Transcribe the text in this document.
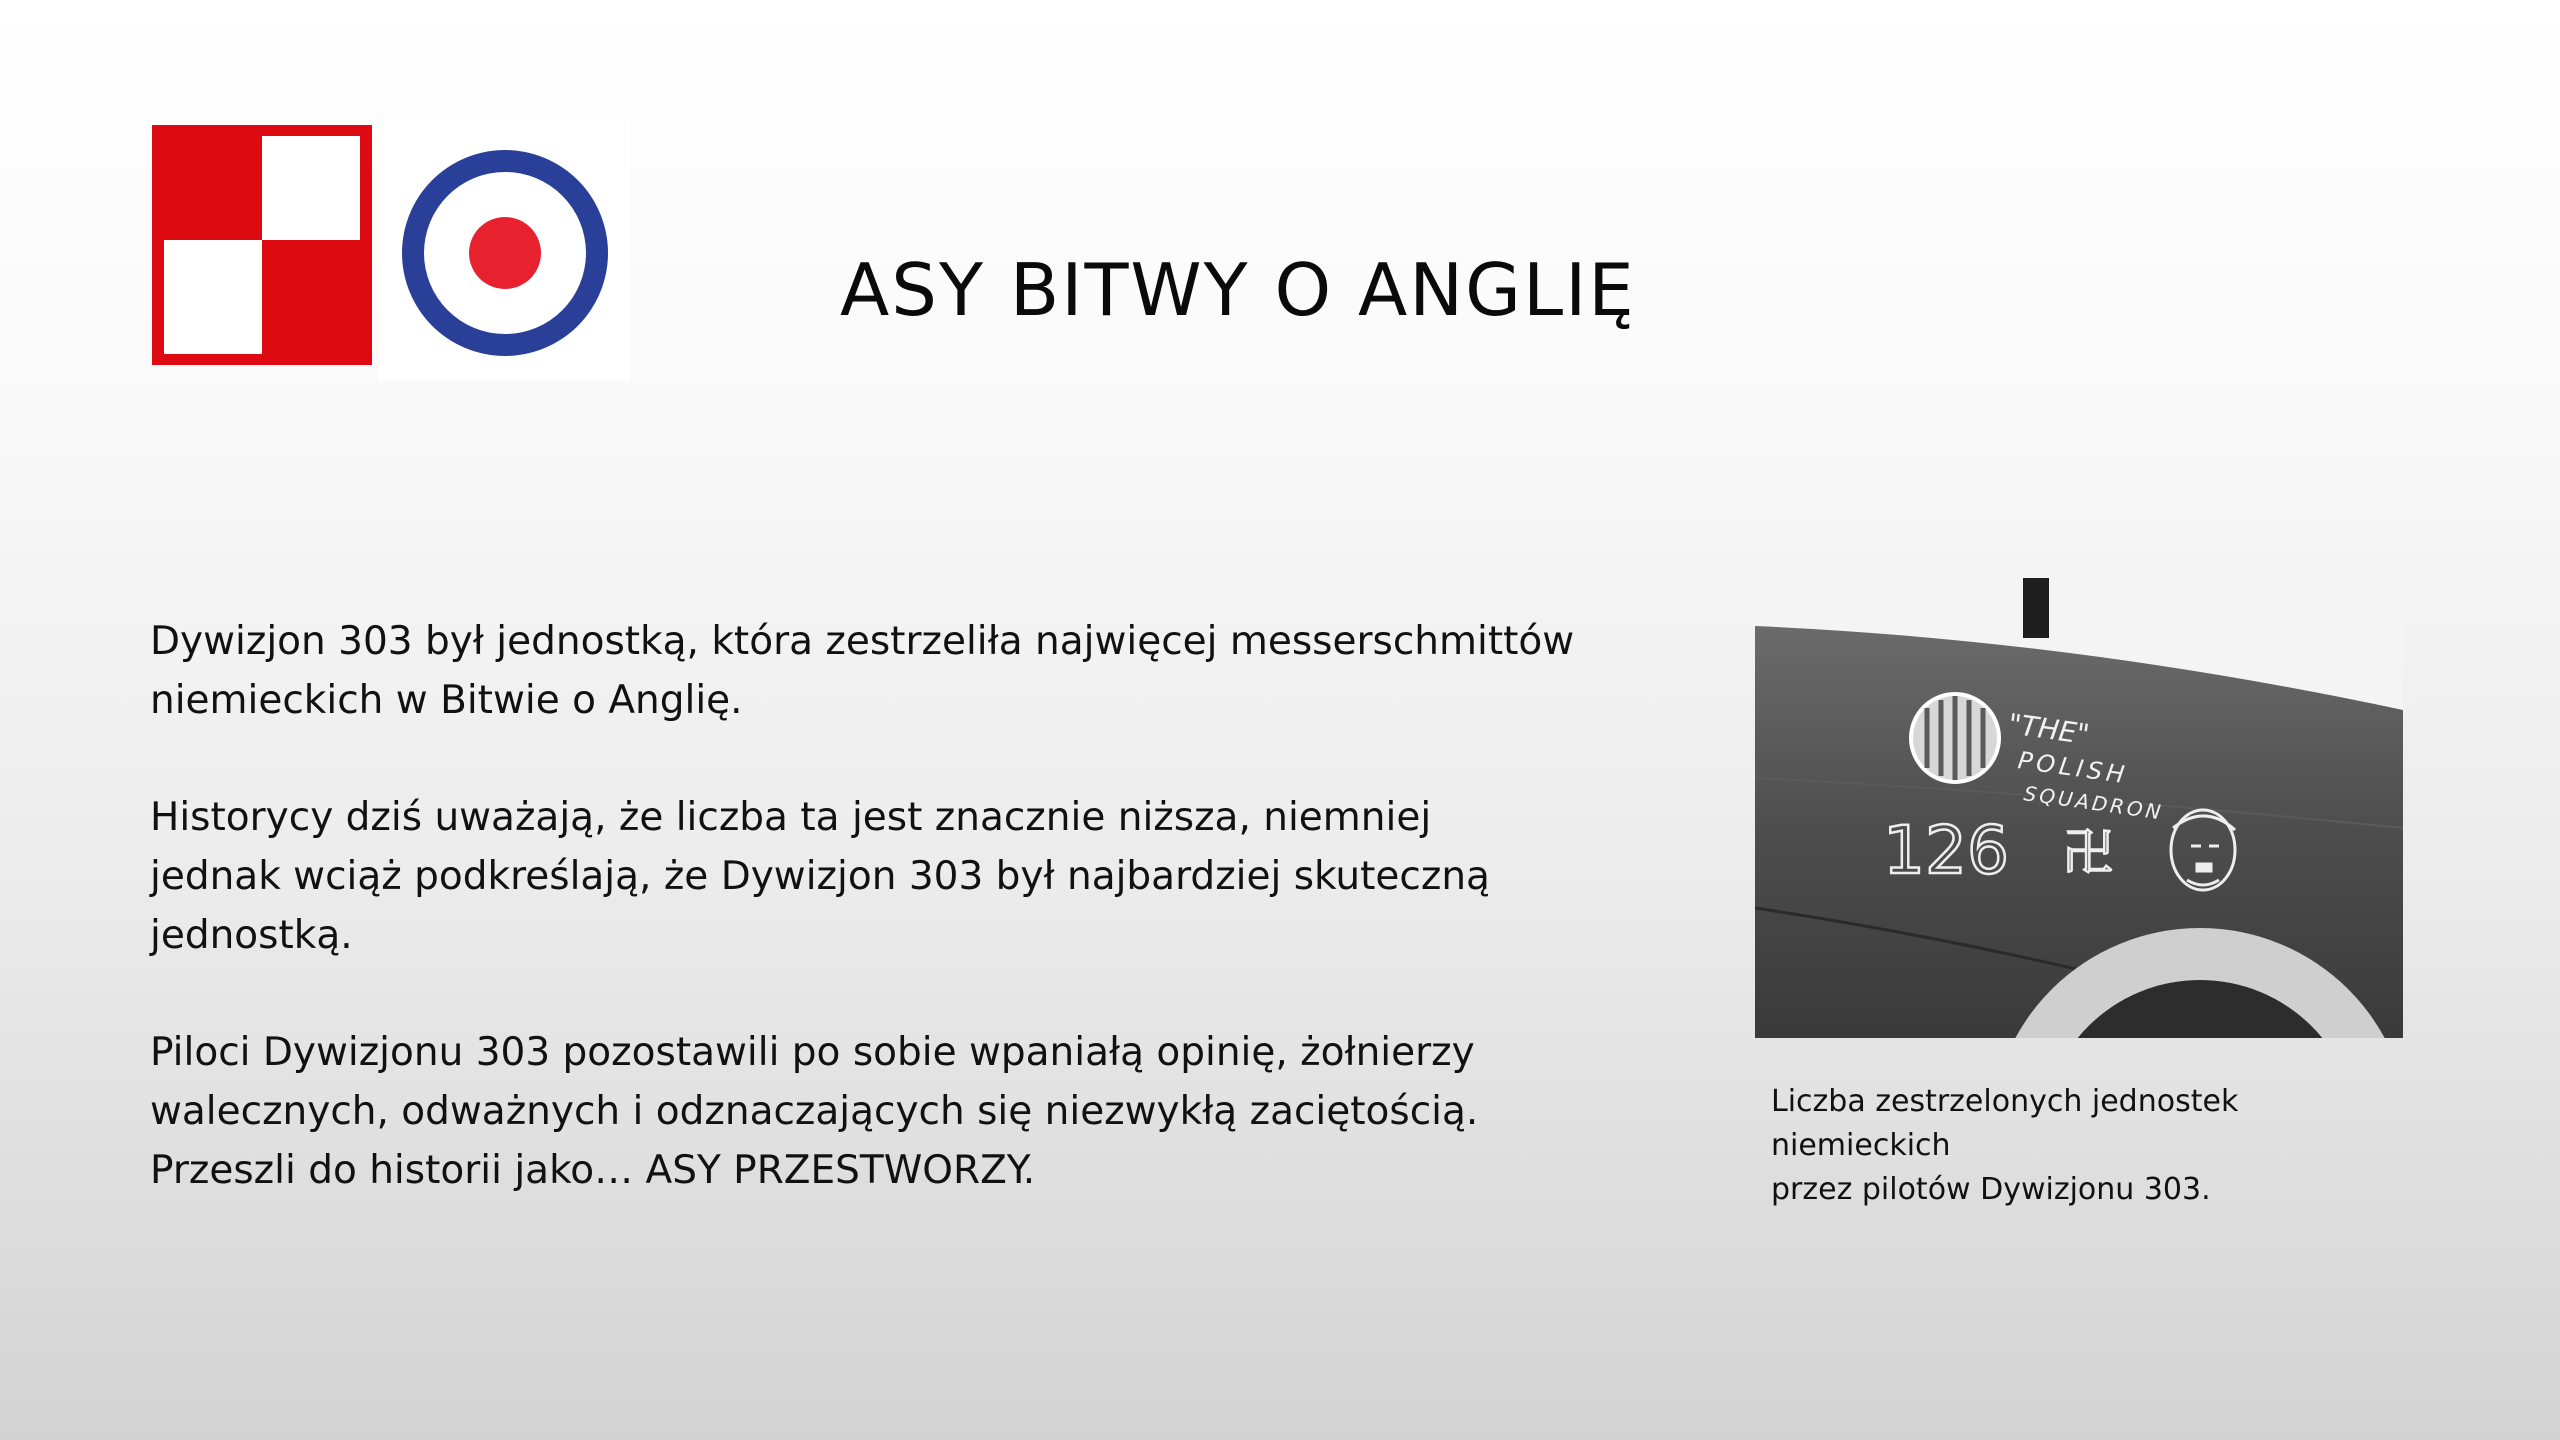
ASY BITWY O ANGLIĘ

Dywizjon 303 był jednostką, która zestrzeliła najwięcej messerschmittów
niemieckich w Bitwie o Anglię.

Historycy dziś uważają, że liczba ta jest znacznie niższa, niemniej
jednak wciąż podkreślają, że Dywizjon 303 był najbardziej skuteczną
jednostką.

Piloci Dywizjonu 303 pozostawili po sobie wpaniałą opinię, żołnierzy
walecznych, odważnych i odznaczających się niezwykłą zaciętością.
Przeszli do historii jako… ASY PRZESTWORZY.

"THE"
POLISH
SQUADRON
126 卍
Liczba zestrzelonych jednostek niemieckich
przez pilotów Dywizjonu 303.
